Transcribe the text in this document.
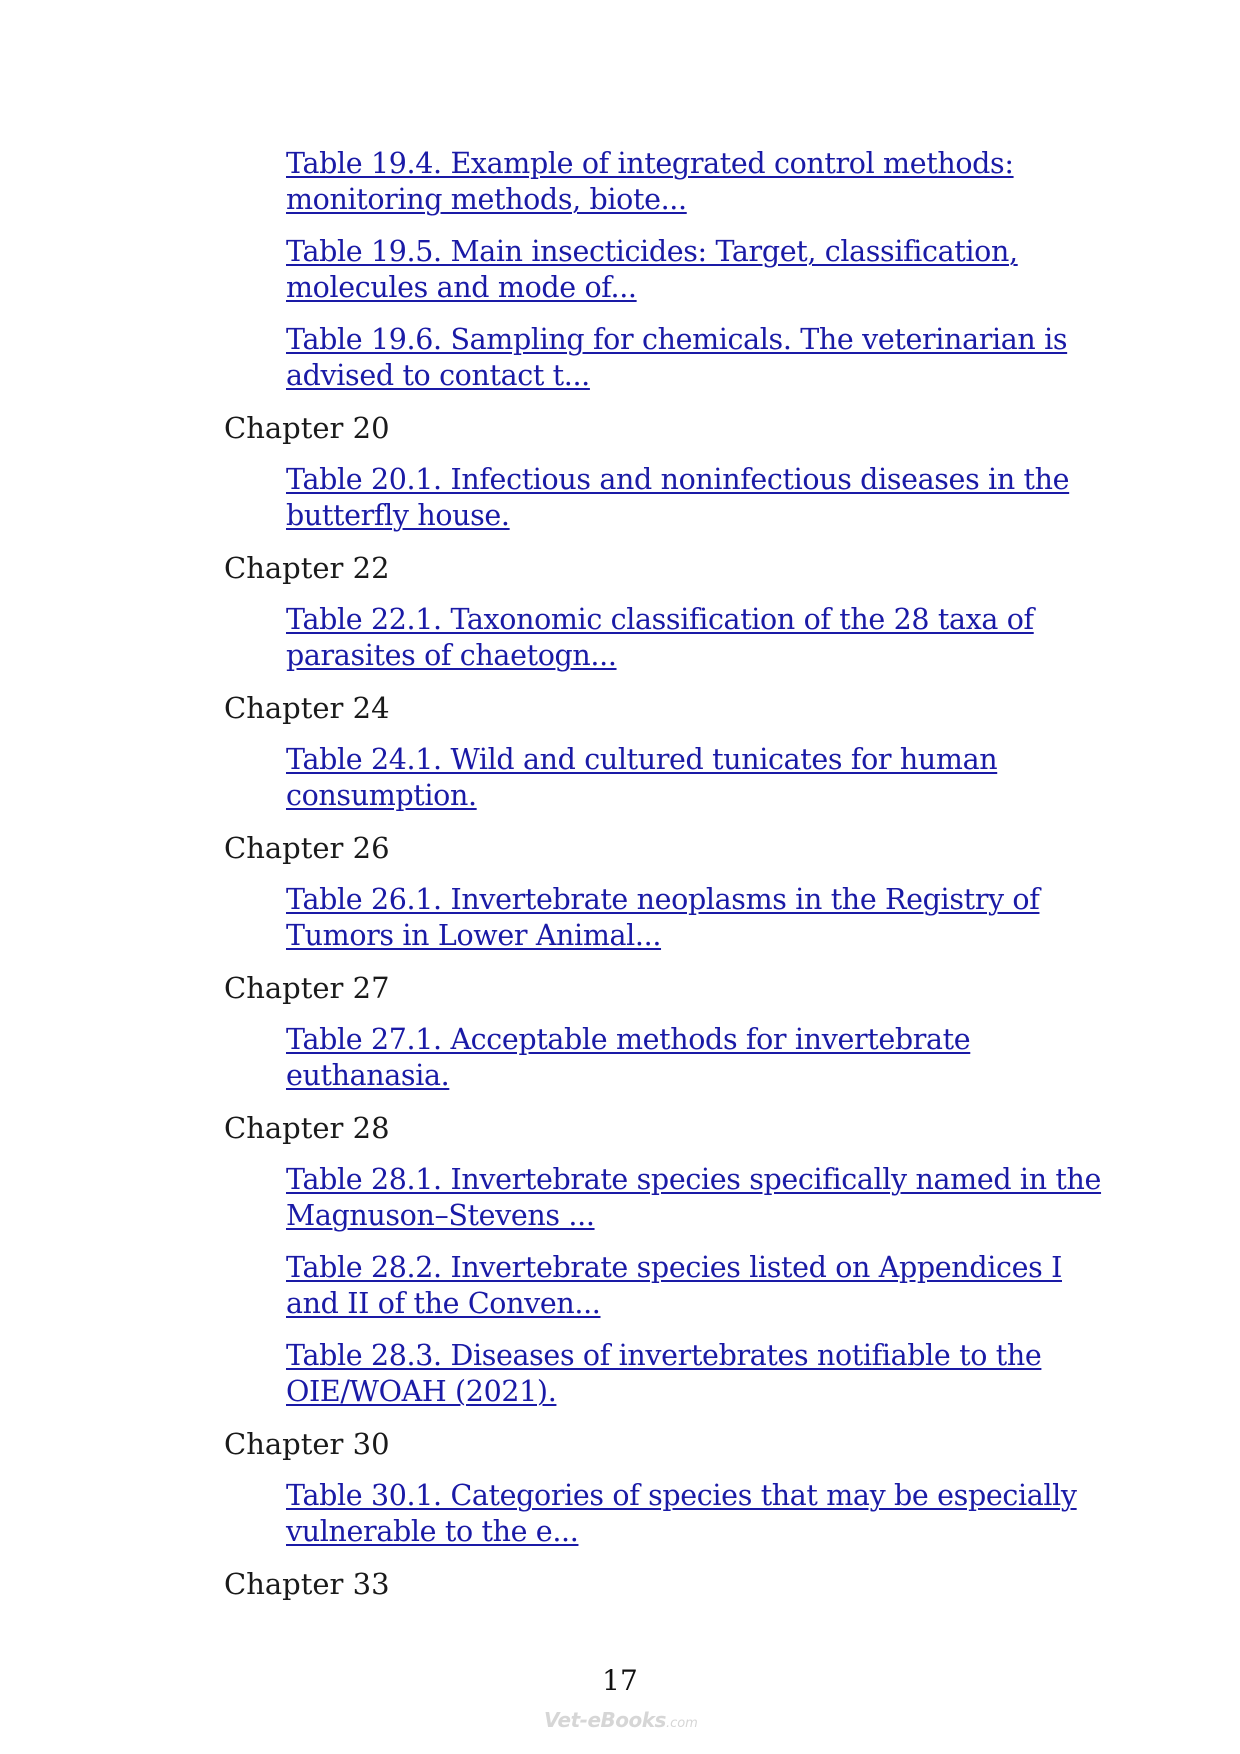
Table 19.4. Example of integrated control methods: monitoring methods, biote...
Table 19.5. Main insecticides: Target, classification, molecules and mode of...
Table 19.6. Sampling for chemicals. The veterinarian is advised to contact t...
Chapter 20
Table 20.1. Infectious and noninfectious diseases in the butterfly house.
Chapter 22
Table 22.1. Taxonomic classification of the 28 taxa of parasites of chaetogn...
Chapter 24
Table 24.1. Wild and cultured tunicates for human consumption.
Chapter 26
Table 26.1. Invertebrate neoplasms in the Registry of Tumors in Lower Animal...
Chapter 27
Table 27.1. Acceptable methods for invertebrate euthanasia.
Chapter 28
Table 28.1. Invertebrate species specifically named in the Magnuson–Stevens ...
Table 28.2. Invertebrate species listed on Appendices I and II of the Conven...
Table 28.3. Diseases of invertebrates notifiable to the OIE/WOAH (2021).
Chapter 30
Table 30.1. Categories of species that may be especially vulnerable to the e...
Chapter 33
17
Vet-eBooks.com
